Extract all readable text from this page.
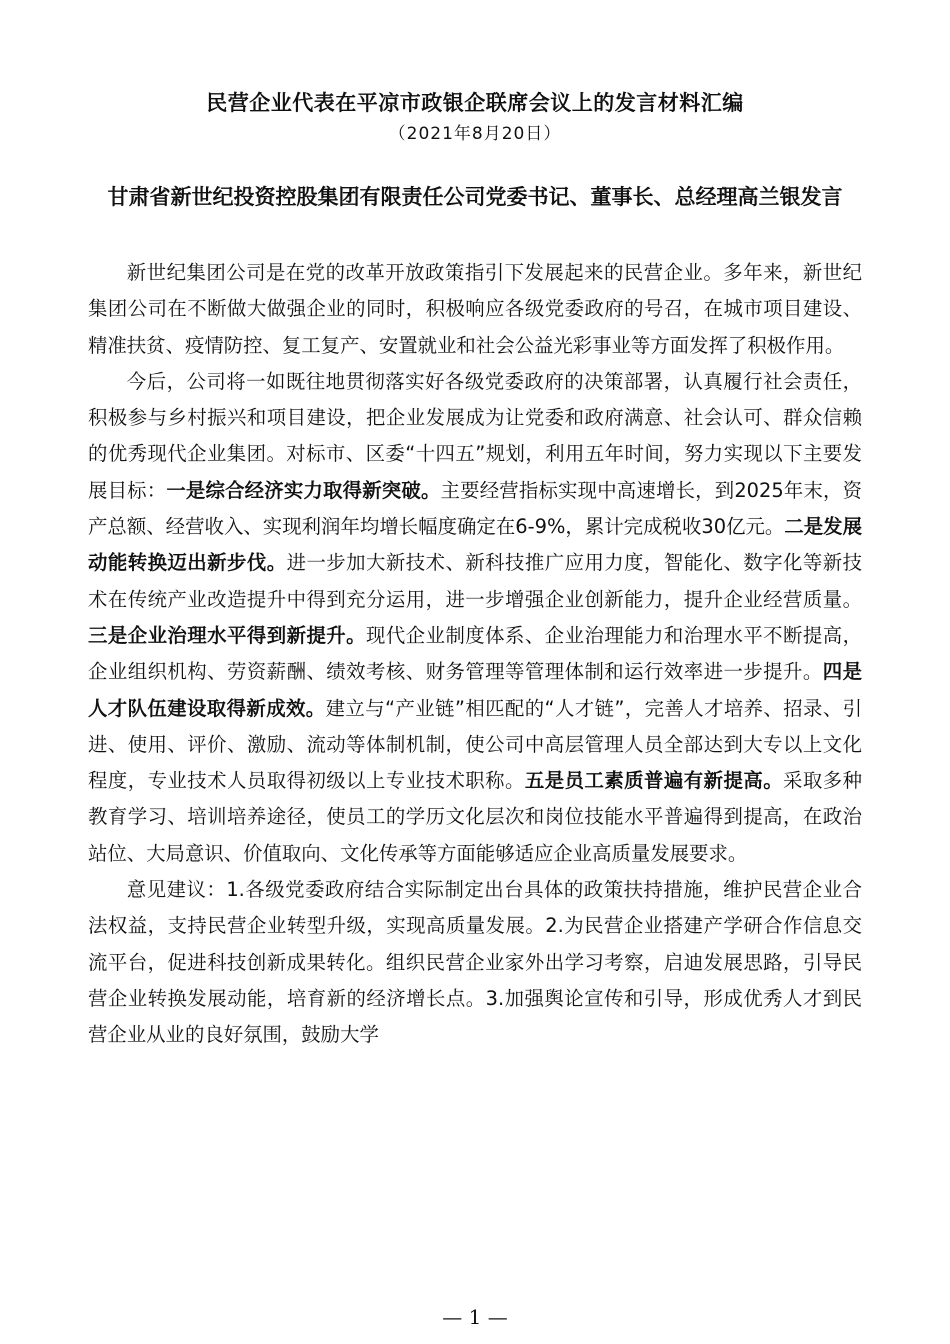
民营企业代表在平凉市政银企联席会议上的发言材料汇编
（2021年8月20日）
甘肃省新世纪投资控股集团有限责任公司党委书记、董事长、总经理高兰银发言

新世纪集团公司是在党的改革开放政策指引下发展起来的民营企业。多年来，新世纪集团公司在不断做大做强企业的同时，积极响应各级党委政府的号召，在城市项目建设、精准扶贫、疫情防控、复工复产、安置就业和社会公益光彩事业等方面发挥了积极作用。

今后，公司将一如既往地贯彻落实好各级党委政府的决策部署，认真履行社会责任，积极参与乡村振兴和项目建设，把企业发展成为让党委和政府满意、社会认可、群众信赖的优秀现代企业集团。对标市、区委“十四五”规划，利用五年时间，努力实现以下主要发展目标：一是综合经济实力取得新突破。主要经营指标实现中高速增长，到2025年末，资产总额、经营收入、实现利润年均增长幅度确定在6-9%，累计完成税收30亿元。二是发展动能转换迈出新步伐。进一步加大新技术、新科技推广应用力度，智能化、数字化等新技术在传统产业改造提升中得到充分运用，进一步增强企业创新能力，提升企业经营质量。三是企业治理水平得到新提升。现代企业制度体系、企业治理能力和治理水平不断提高，企业组织机构、劳资薪酬、绩效考核、财务管理等管理体制和运行效率进一步提升。四是人才队伍建设取得新成效。建立与“产业链”相匹配的“人才链”，完善人才培养、招录、引进、使用、评价、激励、流动等体制机制，使公司中高层管理人员全部达到大专以上文化程度，专业技术人员取得初级以上专业技术职称。五是员工素质普遍有新提高。采取多种教育学习、培训培养途径，使员工的学历文化层次和岗位技能水平普遍得到提高，在政治站位、大局意识、价值取向、文化传承等方面能够适应企业高质量发展要求。

意见建议：1.各级党委政府结合实际制定出台具体的政策扶持措施，维护民营企业合法权益，支持民营企业转型升级，实现高质量发展。2.为民营企业搭建产学研合作信息交流平台，促进科技创新成果转化。组织民营企业家外出学习考察，启迪发展思路，引导民营企业转换发展动能，培育新的经济增长点。3.加强舆论宣传和引导，形成优秀人才到民营企业从业的良好氛围，鼓励大学

— 1 —
